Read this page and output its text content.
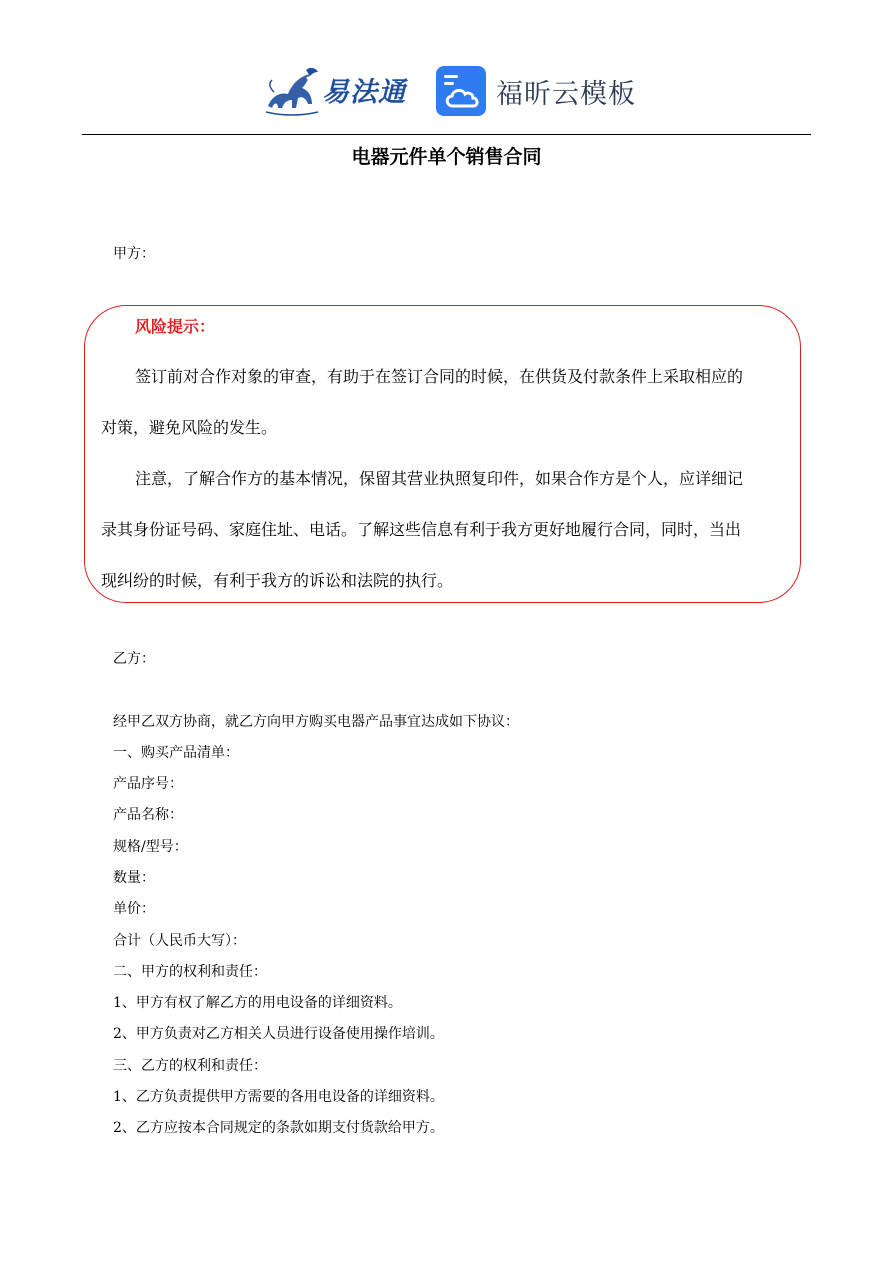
易法通	福昕云模板
电器元件单个销售合同
甲方：
风险提示：
签订前对合作对象的审查，有助于在签订合同的时候，在供货及付款条件上采取相应的
对策，避免风险的发生。
注意，了解合作方的基本情况，保留其营业执照复印件，如果合作方是个人，应详细记
录其身份证号码、家庭住址、电话。了解这些信息有利于我方更好地履行合同，同时，当出
现纠纷的时候，有利于我方的诉讼和法院的执行。
乙方：
经甲乙双方协商，就乙方向甲方购买电器产品事宜达成如下协议：
一、购买产品清单：
产品序号：
产品名称：
规格/型号：
数量：
单价：
合计（人民币大写）：
二、甲方的权利和责任：
1、甲方有权了解乙方的用电设备的详细资料。
2、甲方负责对乙方相关人员进行设备使用操作培训。
三、乙方的权利和责任：
1、乙方负责提供甲方需要的各用电设备的详细资料。
2、乙方应按本合同规定的条款如期支付货款给甲方。
